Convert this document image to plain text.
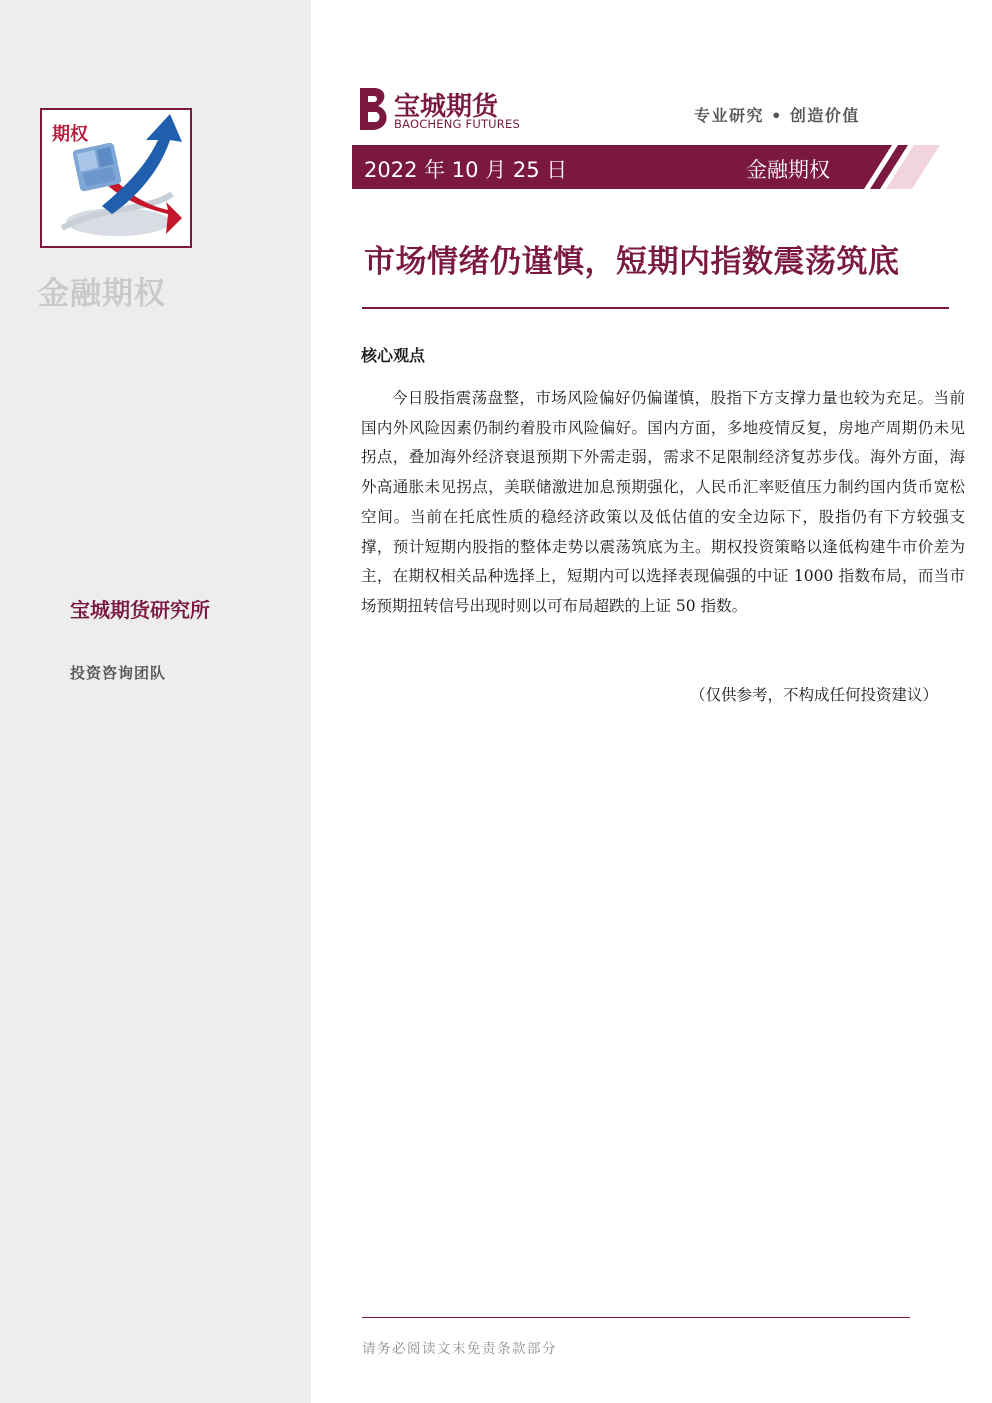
期权
金融期权
宝城期货研究所
投资咨询团队
宝城期货
BAOCHENG FUTURES	专业研究 • 创造价值
2022 年 10 月 25 日	金融期权
市场情绪仍谨慎，短期内指数震荡筑底
核心观点

今日股指震荡盘整，市场风险偏好仍偏谨慎，股指下方支撑力量也较为充足。当前国内外风险因素仍制约着股市风险偏好。国内方面，多地疫情反复，房地产周期仍未见拐点，叠加海外经济衰退预期下外需走弱，需求不足限制经济复苏步伐。海外方面，海外高通胀未见拐点，美联储激进加息预期强化，人民币汇率贬值压力制约国内货币宽松空间。当前在托底性质的稳经济政策以及低估值的安全边际下，股指仍有下方较强支撑，预计短期内股指的整体走势以震荡筑底为主。期权投资策略以逢低构建牛市价差为主，在期权相关品种选择上，短期内可以选择表现偏强的中证 1000 指数布局，而当市场预期扭转信号出现时则以可布局超跌的上证 50 指数。

（仅供参考，不构成任何投资建议）
请务必阅读文末免责条款部分
